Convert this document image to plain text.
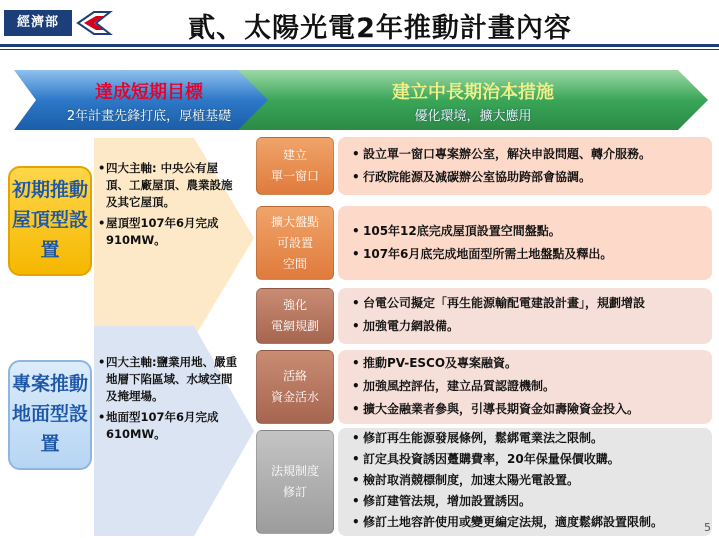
經濟部	貳、太陽光電2年推動計畫內容
達成短期目標
2年計畫先鋒打底，厚植基礎
建立中長期治本措施
優化環境，擴大應用
初期推動屋頂型設置
• 四大主軸: 中央公有屋頂、工廠屋頂、農業設施及其它屋頂。
• 屋頂型107年6月完成910MW。
專案推動地面型設置
• 四大主軸:鹽業用地、嚴重地層下陷區域、水域空間及掩埋場。
• 地面型107年6月完成610MW。
建立
單一窗口
• 設立單一窗口專案辦公室，解決申設問題、轉介服務。
• 行政院能源及減碳辦公室協助跨部會協調。
擴大盤點
可設置
空間
• 105年12底完成屋頂設置空間盤點。
• 107年6月底完成地面型所需土地盤點及釋出。
強化
電網規劃
• 台電公司擬定「再生能源輸配電建設計畫」，規劃增設
• 加強電力網設備。
活絡
資金活水
• 推動PV-ESCO及專案融資。
• 加強風控評估，建立品質認證機制。
• 擴大金融業者參與，引導長期資金如壽險資金投入。
法規制度
修訂
• 修訂再生能源發展條例，鬆綁電業法之限制。
• 訂定具投資誘因躉購費率，20年保量保價收購。
• 檢討取消競標制度，加速太陽光電設置。
• 修訂建管法規，增加設置誘因。
• 修訂土地容許使用或變更編定法規，適度鬆綁設置限制。	5
